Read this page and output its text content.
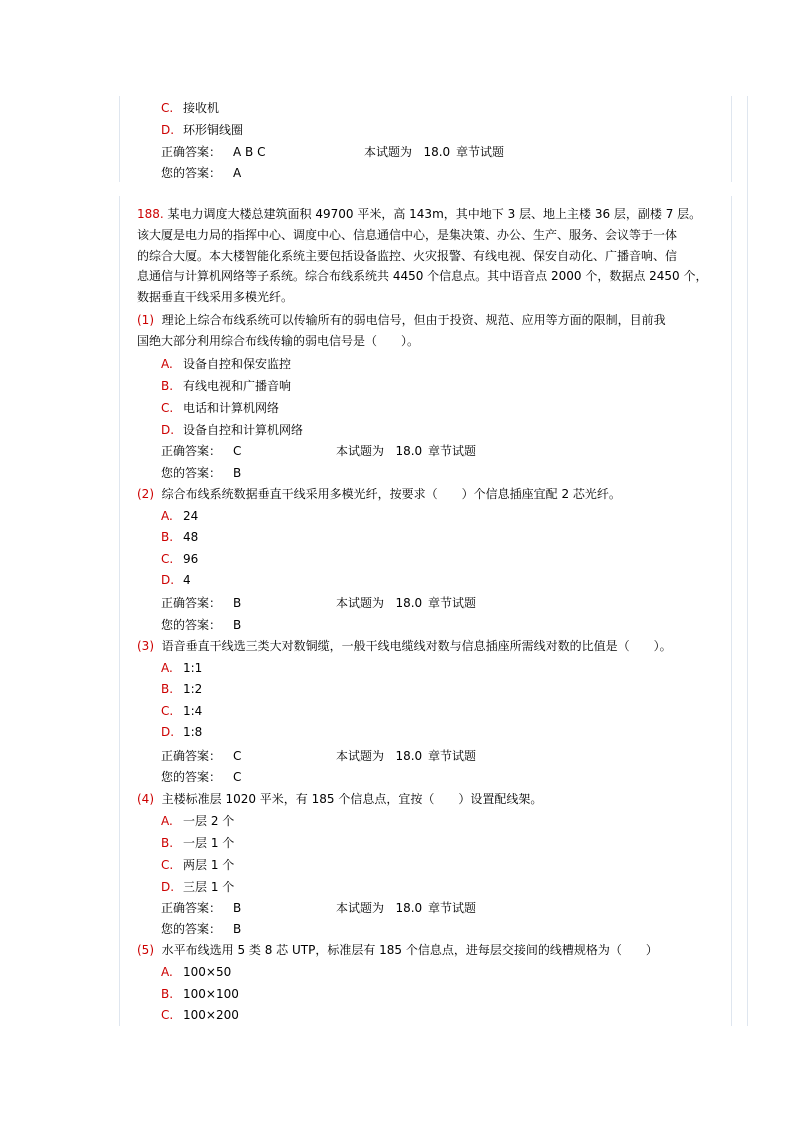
C. 接收机
D. 环形铜线圈
正确答案： A B C	本试题为 18.0 章节试题
您的答案： A
188. 某电力调度大楼总建筑面积 49700 平米，高 143m，其中地下 3 层、地上主楼 36 层，副楼 7 层。
该大厦是电力局的指挥中心、调度中心、信息通信中心，是集决策、办公、生产、服务、会议等于一体
的综合大厦。本大楼智能化系统主要包括设备监控、火灾报警、有线电视、保安自动化、广播音响、信
息通信与计算机网络等子系统。综合布线系统共 4450 个信息点。其中语音点 2000 个，数据点 2450 个，
数据垂直干线采用多模光纤。
(1) 理论上综合布线系统可以传输所有的弱电信号，但由于投资、规范、应用等方面的限制，目前我
国绝大部分利用综合布线传输的弱电信号是（　　）。
A. 设备自控和保安监控
B. 有线电视和广播音响
C. 电话和计算机网络
D. 设备自控和计算机网络
正确答案： C	本试题为 18.0 章节试题
您的答案： B
(2) 综合布线系统数据垂直干线采用多模光纤，按要求（　　）个信息插座宜配 2 芯光纤。
A. 24
B. 48
C. 96
D. 4
正确答案： B	本试题为 18.0 章节试题
您的答案： B
(3) 语音垂直干线选三类大对数铜缆，一般干线电缆线对数与信息插座所需线对数的比值是（　　）。
A. 1:1
B. 1:2
C. 1:4
D. 1:8
正确答案： C	本试题为 18.0 章节试题
您的答案： C
(4) 主楼标准层 1020 平米，有 185 个信息点，宜按（　　）设置配线架。
A. 一层 2 个
B. 一层 1 个
C. 两层 1 个
D. 三层 1 个
正确答案： B	本试题为 18.0 章节试题
您的答案： B
(5) 水平布线选用 5 类 8 芯 UTP，标准层有 185 个信息点，进每层交接间的线槽规格为（　　）
A. 100×50
B. 100×100
C. 100×200
